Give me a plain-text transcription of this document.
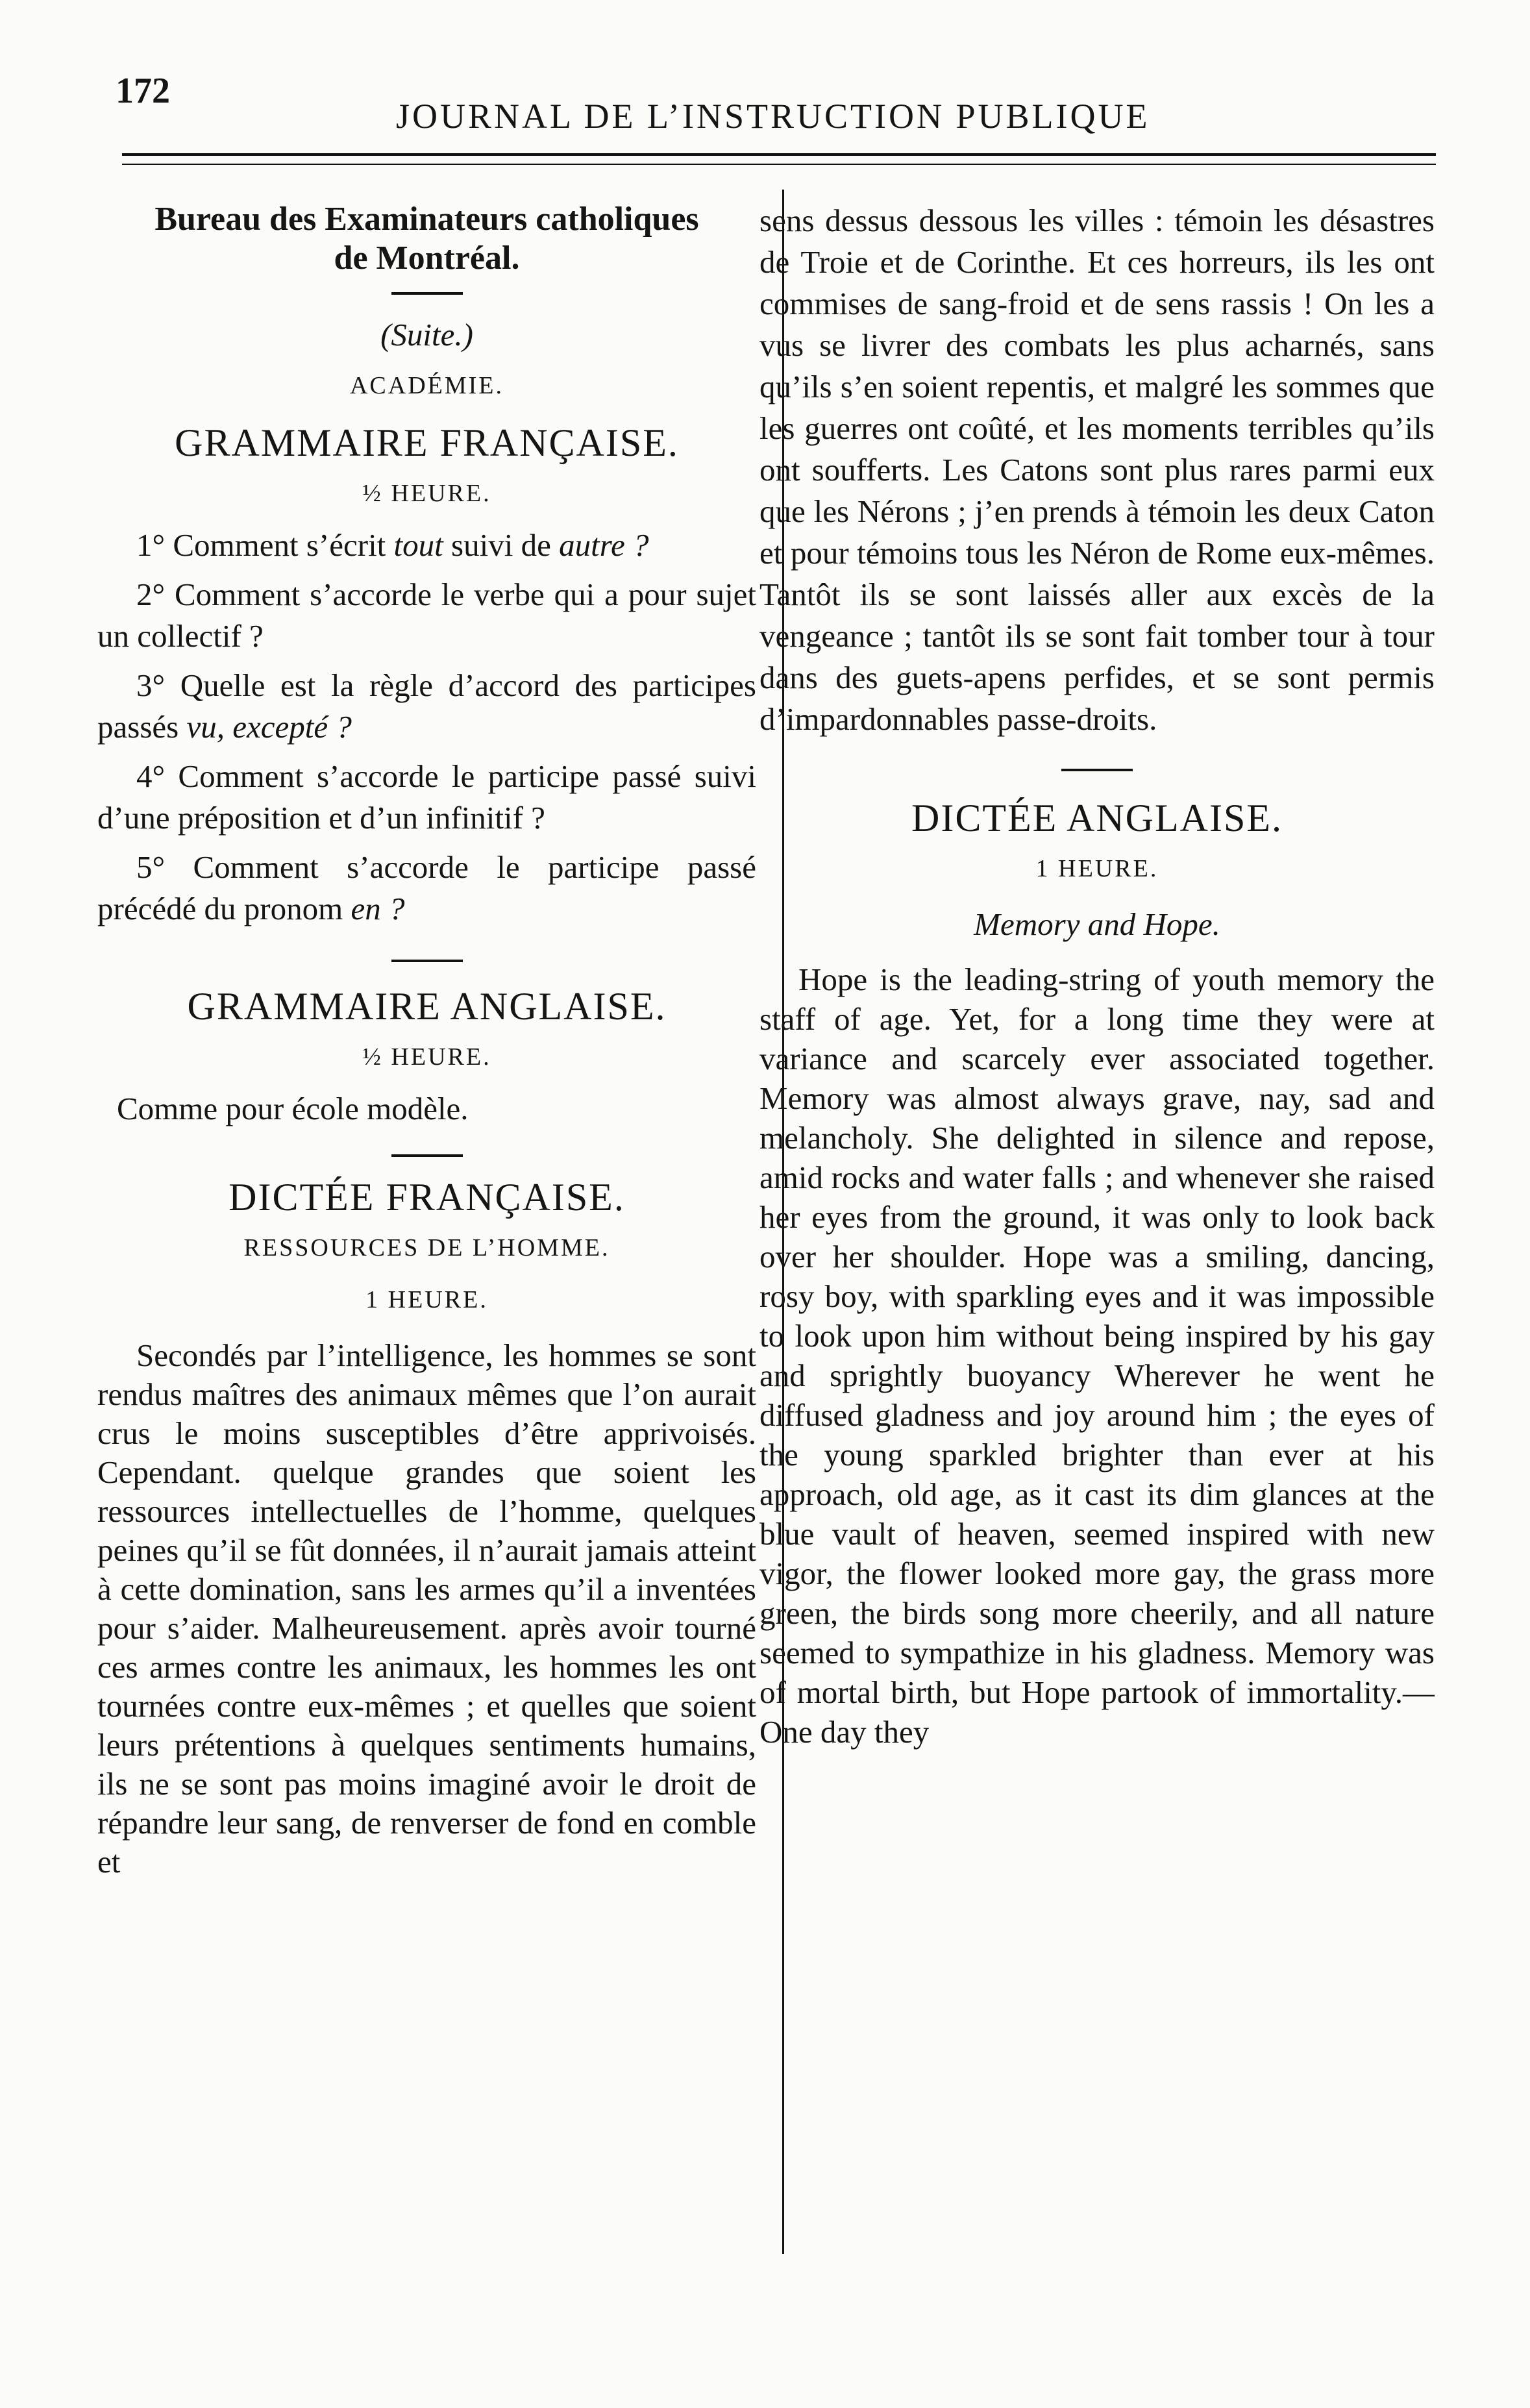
172
JOURNAL DE L’INSTRUCTION PUBLIQUE
Bureau des Examinateurs catholiques
de Montréal.
(Suite.)
ACADÉMIE.
GRAMMAIRE FRANÇAISE.
½ HEURE.

1° Comment s’écrit tout suivi de autre ?

2° Comment s’accorde le verbe qui a pour sujet un collectif ?

3° Quelle est la règle d’accord des participes passés vu, excepté ?

4° Comment s’accorde le participe passé suivi d’une préposition et d’un infinitif ?

5° Comment s’accorde le participe passé précédé du pronom en ?

GRAMMAIRE ANGLAISE.
½ HEURE.

Comme pour école modèle.

DICTÉE FRANÇAISE.
RESSOURCES DE L’HOMME.
1 HEURE.

Secondés par l’intelligence, les hommes se sont rendus maîtres des animaux mêmes que l’on aurait crus le moins susceptibles d’être apprivoisés. Cependant. quelque grandes que soient les ressources intellectuelles de l’homme, quelques peines qu’il se fût données, il n’aurait jamais atteint à cette domination, sans les armes qu’il a inventées pour s’aider. Malheureusement. après avoir tourné ces armes contre les animaux, les hommes les ont tournées contre eux-mêmes ; et quelles que soient leurs prétentions à quelques sentiments humains, ils ne se sont pas moins imaginé avoir le droit de répandre leur sang, de renverser de fond en comble et

sens dessus dessous les villes : témoin les désastres de Troie et de Corinthe. Et ces horreurs, ils les ont commises de sang-froid et de sens rassis ! On les a vus se livrer des combats les plus acharnés, sans qu’ils s’en soient repentis, et malgré les sommes que les guerres ont coûté, et les moments terribles qu’ils ont soufferts. Les Catons sont plus rares parmi eux que les Nérons ; j’en prends à témoin les deux Caton et pour témoins tous les Néron de Rome eux-mêmes. Tantôt ils se sont laissés aller aux excès de la vengeance ; tantôt ils se sont fait tomber tour à tour dans des guets-apens perfides, et se sont permis d’impardonnables passe-droits.

DICTÉE ANGLAISE.
1 HEURE.
Memory and Hope.

Hope is the leading-string of youth memory the staff of age. Yet, for a long time they were at variance and scarcely ever associated together. Memory was almost always grave, nay, sad and melancholy. She delighted in silence and repose, amid rocks and water falls ; and whenever she raised her eyes from the ground, it was only to look back over her shoulder. Hope was a smiling, dancing, rosy boy, with sparkling eyes and it was impossible to look upon him without being inspired by his gay and sprightly buoyancy Wherever he went he diffused gladness and joy around him ; the eyes of the young sparkled brighter than ever at his approach, old age, as it cast its dim glances at the blue vault of heaven, seemed inspired with new vigor, the flower looked more gay, the grass more green, the birds song more cheerily, and all nature seemed to sympathize in his gladness. Memory was of mortal birth, but Hope partook of immortality.—One day they
